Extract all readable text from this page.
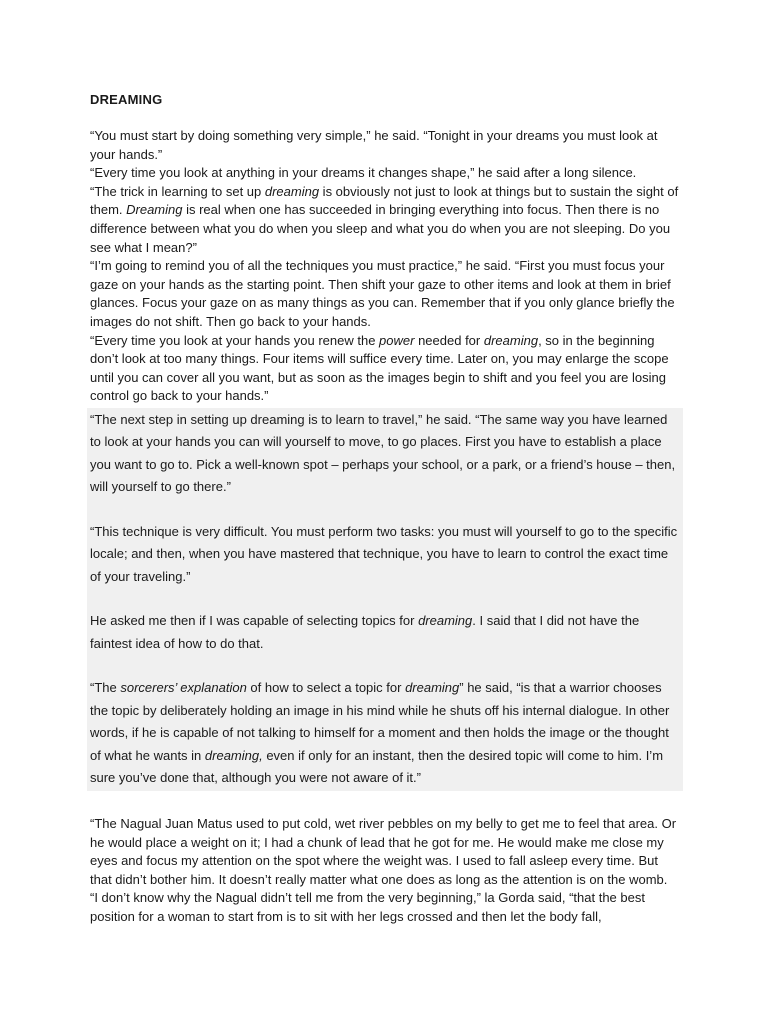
DREAMING

“You must start by doing something very simple,” he said. “Tonight in your dreams you must look at your hands.”

“Every time you look at anything in your dreams it changes shape,” he said after a long silence.

“The trick in learning to set up dreaming is obviously not just to look at things but to sustain the sight of them. Dreaming is real when one has succeeded in bringing everything into focus. Then there is no difference between what you do when you sleep and what you do when you are not sleeping. Do you see what I mean?”

“I’m going to remind you of all the techniques you must practice,” he said. “First you must focus your gaze on your hands as the starting point. Then shift your gaze to other items and look at them in brief glances. Focus your gaze on as many things as you can. Remember that if you only glance briefly the images do not shift. Then go back to your hands.

“Every time you look at your hands you renew the power needed for dreaming, so in the beginning don’t look at too many things. Four items will suffice every time. Later on, you may enlarge the scope until you can cover all you want, but as soon as the images begin to shift and you feel you are losing control go back to your hands.”

“The next step in setting up dreaming is to learn to travel,” he said. “The same way you have learned to look at your hands you can will yourself to move, to go places. First you have to establish a place you want to go to. Pick a well-known spot – perhaps your school, or a park, or a friend’s house – then, will yourself to go there.”

“This technique is very difficult. You must perform two tasks: you must will yourself to go to the specific locale; and then, when you have mastered that technique, you have to learn to control the exact time of your traveling.”

He asked me then if I was capable of selecting topics for dreaming. I said that I did not have the faintest idea of how to do that.

“The sorcerers’ explanation of how to select a topic for dreaming” he said, “is that a warrior chooses the topic by deliberately holding an image in his mind while he shuts off his internal dialogue. In other words, if he is capable of not talking to himself for a moment and then holds the image or the thought of what he wants in dreaming, even if only for an instant, then the desired topic will come to him. I’m sure you’ve done that, although you were not aware of it.”

“The Nagual Juan Matus used to put cold, wet river pebbles on my belly to get me to feel that area. Or he would place a weight on it; I had a chunk of lead that he got for me. He would make me close my eyes and focus my attention on the spot where the weight was. I used to fall asleep every time. But that didn’t bother him. It doesn’t really matter what one does as long as the attention is on the womb.

“I don’t know why the Nagual didn’t tell me from the very beginning,” la Gorda said, “that the best position for a woman to start from is to sit with her legs crossed and then let the body fall,
